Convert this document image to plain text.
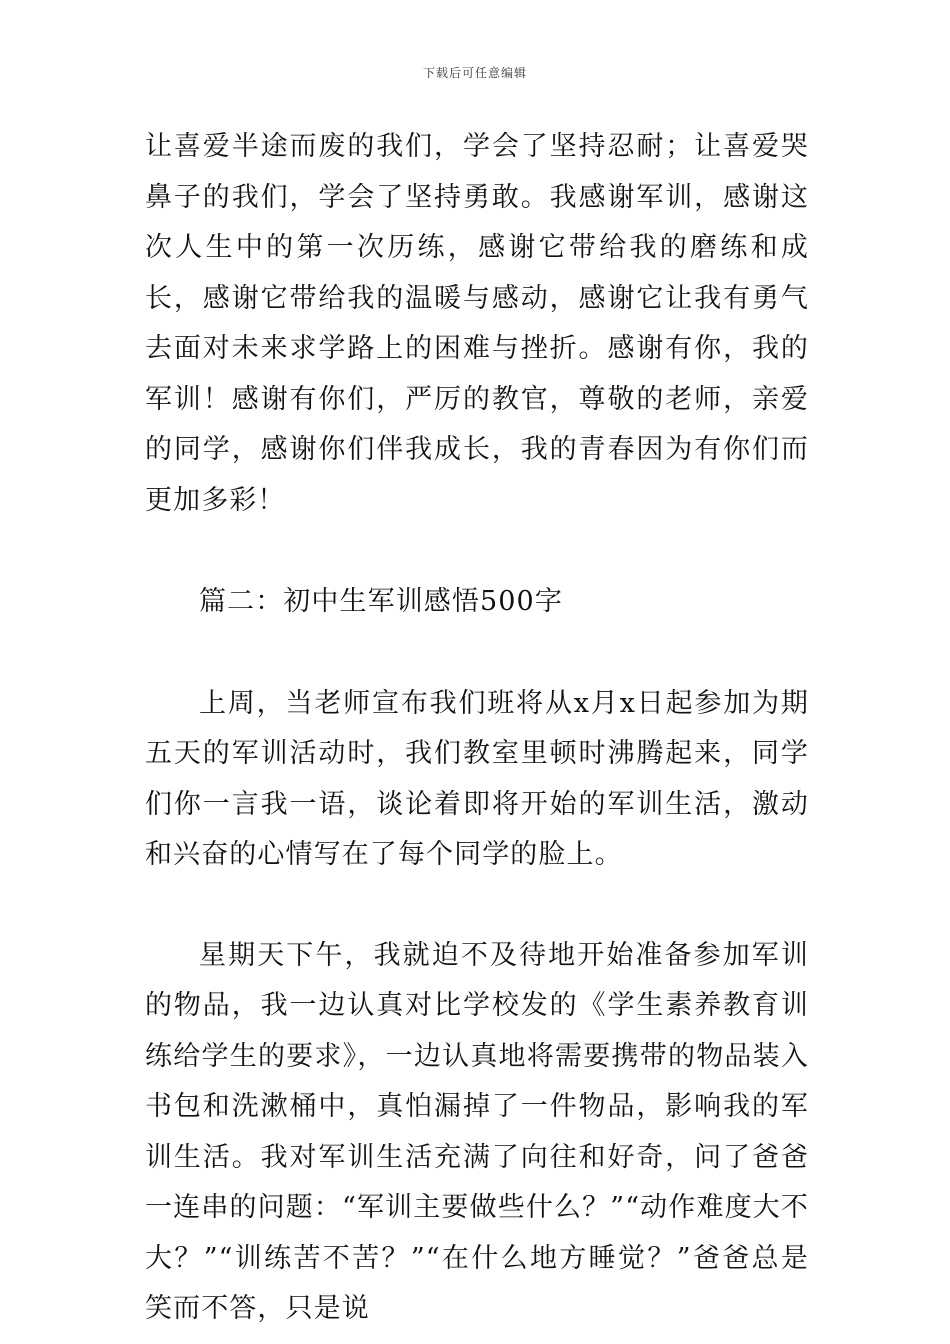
下载后可任意编辑

让喜爱半途而废的我们，学会了坚持忍耐；让喜爱哭鼻子的我们，学会了坚持勇敢。我感谢军训，感谢这次人生中的第一次历练，感谢它带给我的磨练和成长，感谢它带给我的温暖与感动，感谢它让我有勇气去面对未来求学路上的困难与挫折。感谢有你，我的军训！感谢有你们，严厉的教官，尊敬的老师，亲爱的同学，感谢你们伴我成长，我的青春因为有你们而更加多彩！

篇二：初中生军训感悟500字

上周，当老师宣布我们班将从x月x日起参加为期五天的军训活动时，我们教室里顿时沸腾起来，同学们你一言我一语，谈论着即将开始的军训生活，激动和兴奋的心情写在了每个同学的脸上。

星期天下午，我就迫不及待地开始准备参加军训的物品，我一边认真对比学校发的《学生素养教育训练给学生的要求》，一边认真地将需要携带的物品装入书包和洗漱桶中，真怕漏掉了一件物品，影响我的军训生活。我对军训生活充满了向往和好奇，问了爸爸一连串的问题：“军训主要做些什么？”“动作难度大不大？”“训练苦不苦？”“在什么地方睡觉？”爸爸总是笑而不答，只是说
